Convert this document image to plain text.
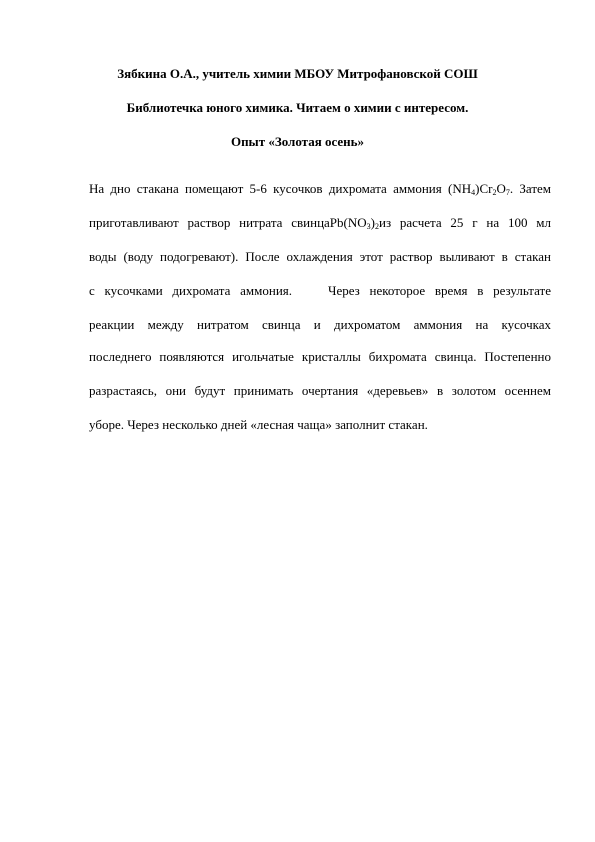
Зябкина О.А., учитель химии МБОУ Митрофановской СОШ
Библиотечка юного химика. Читаем о химии с интересом.
Опыт «Золотая осень»
На дно стакана помещают 5-6 кусочков дихромата аммония $(NH_4)Cr_2O_7$. Затем
приготавливают раствор нитрата $свинцаPb(NO_3)_2из$ расчета 25 г на 100 мл
воды (воду подогревают). После охлаждения этот раствор выливают в стакан
с кусочками дихромата аммония.	Через некоторое время в результате
реакции между нитратом свинца и дихроматом аммония на кусочках
последнего появляются игольчатые кристаллы бихромата свинца. Постепенно
разрастаясь, они будут принимать очертания «деревьев» в золотом осеннем
уборе. Через несколько дней «лесная чаща» заполнит стакан.
